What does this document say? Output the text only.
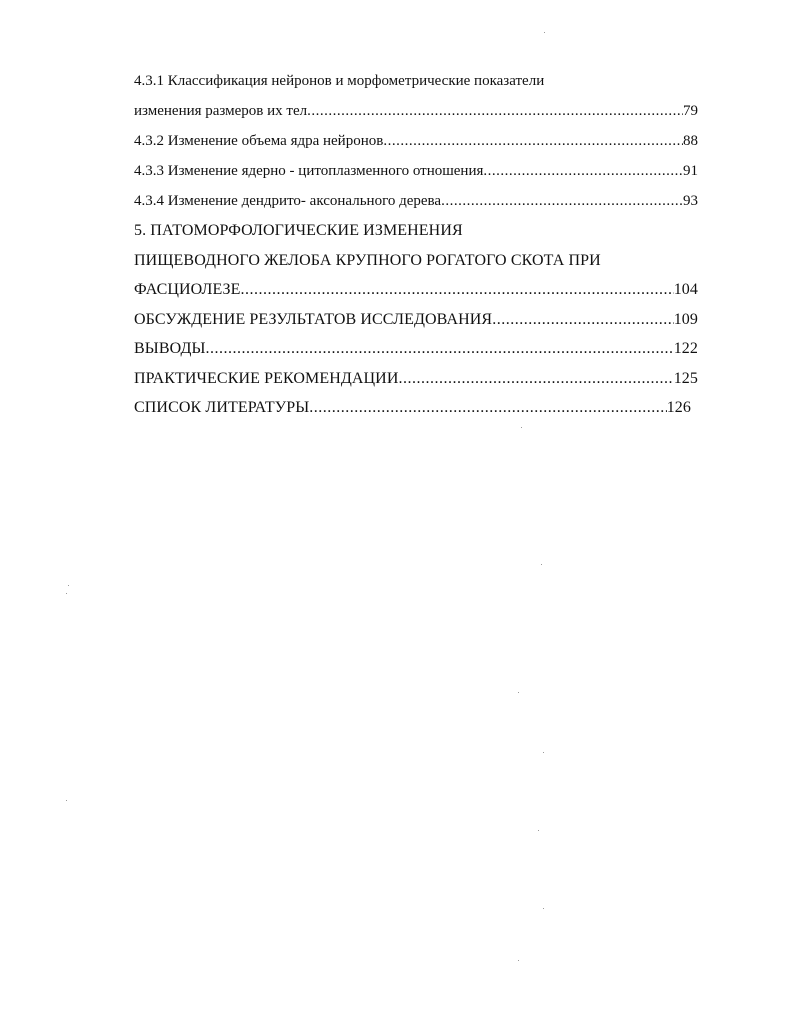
4.3.1 Классификация нейронов и морфометрические показатели
изменения размеров их тел .....	79
4.3.2 Изменение объема ядра нейронов .....	88
4.3.3 Изменение ядерно - цитоплазменного отношения .....	91
4.3.4 Изменение дендрито- аксонального дерева .....	93
5. ПАТОМОРФОЛОГИЧЕСКИЕ ИЗМЕНЕНИЯ
ПИЩЕВОДНОГО ЖЕЛОБА КРУПНОГО РОГАТОГО СКОТА ПРИ
ФАСЦИОЛЕЗЕ .....	104
ОБСУЖДЕНИЕ РЕЗУЛЬТАТОВ ИССЛЕДОВАНИЯ .....	109
ВЫВОДЫ .....	122
ПРАКТИЧЕСКИЕ РЕКОМЕНДАЦИИ .....	125
СПИСОК ЛИТЕРАТУРЫ .....	126
